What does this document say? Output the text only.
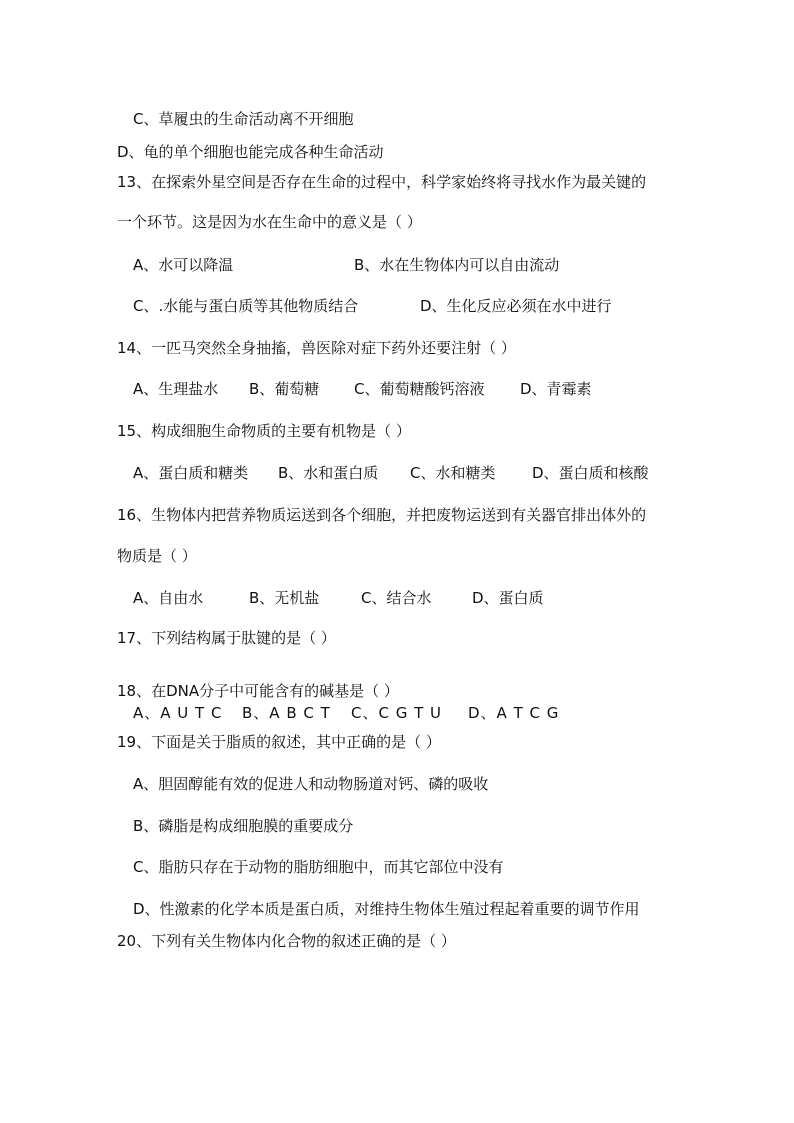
C、草履虫的生命活动离不开细胞
D、龟的单个细胞也能完成各种生命活动
13、在探索外星空间是否存在生命的过程中，科学家始终将寻找水作为最关键的
一个环节。这是因为水在生命中的意义是（ ）
A、水可以降温	B、水在生物体内可以自由流动
C、.水能与蛋白质等其他物质结合	D、生化反应必须在水中进行
14、一匹马突然全身抽搐，兽医除对症下药外还要注射（ ）
A、生理盐水 B、葡萄糖 C、葡萄糖酸钙溶液 D、青霉素
15、构成细胞生命物质的主要有机物是（ ）
A、蛋白质和糖类 B、水和蛋白质 C、水和糖类 D、蛋白质和核酸
16、生物体内把营养物质运送到各个细胞，并把废物运送到有关器官排出体外的
物质是（ ）
A、自由水	B、无机盐	C、结合水	D、蛋白质
17、下列结构属于肽键的是（ ）
18、在DNA分子中可能含有的碱基是（ ）
A、A U T C B、A B C T C、C G T U D、A T C G
19、下面是关于脂质的叙述，其中正确的是（ ）
A、胆固醇能有效的促进人和动物肠道对钙、磷的吸收
B、磷脂是构成细胞膜的重要成分
C、脂肪只存在于动物的脂肪细胞中，而其它部位中没有
D、性激素的化学本质是蛋白质，对维持生物体生殖过程起着重要的调节作用
20、下列有关生物体内化合物的叙述正确的是（ ）
